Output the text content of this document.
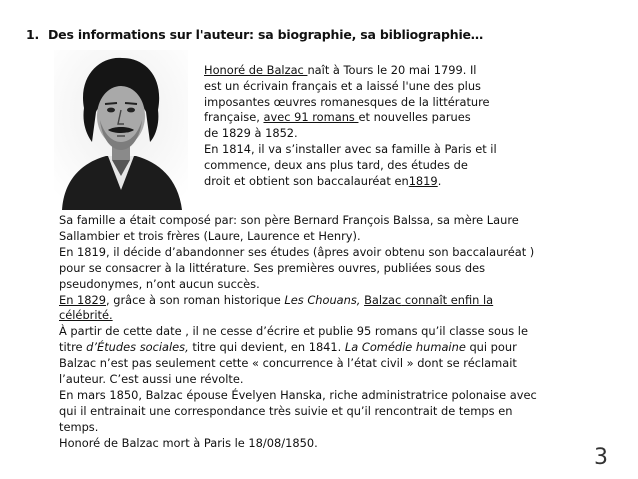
1. Des informations sur l'auteur: sa biographie, sa bibliographie…
Honoré de Balzac naît à Tours le 20 mai 1799. Il
est un écrivain français et a laissé l'une des plus
imposantes œuvres romanesques de la littérature
française, avec 91 romans et nouvelles parues
de 1829 à 1852.
En 1814, il va s’installer avec sa famille à Paris et il
commence, deux ans plus tard, des études de
droit et obtient son baccalauréat en1819.
Sa famille a était composé par: son père Bernard François Balssa, sa mère Laure
Sallambier et trois frères (Laure, Laurence et Henry).
En 1819, il décide d’abandonner ses études (âpres avoir obtenu son baccalauréat )
pour se consacrer à la littérature. Ses premières ouvres, publiées sous des
pseudonymes, n’ont aucun succès.
En 1829, grâce à son roman historique Les Chouans, Balzac connaît enfin la
célébrité.
À partir de cette date , il ne cesse d’écrire et publie 95 romans qu’il classe sous le
titre d’Études sociales, titre qui devient, en 1841. La Comédie humaine qui pour
Balzac n’est pas seulement cette « concurrence à l’état civil » dont se réclamait
l’auteur. C’est aussi une révolte.
En mars 1850, Balzac épouse Évelyen Hanska, riche administratrice polonaise avec
qui il entrainait une correspondance très suivie et qu’il rencontrait de temps en
temps.
Honoré de Balzac mort à Paris le 18/08/1850.
3
